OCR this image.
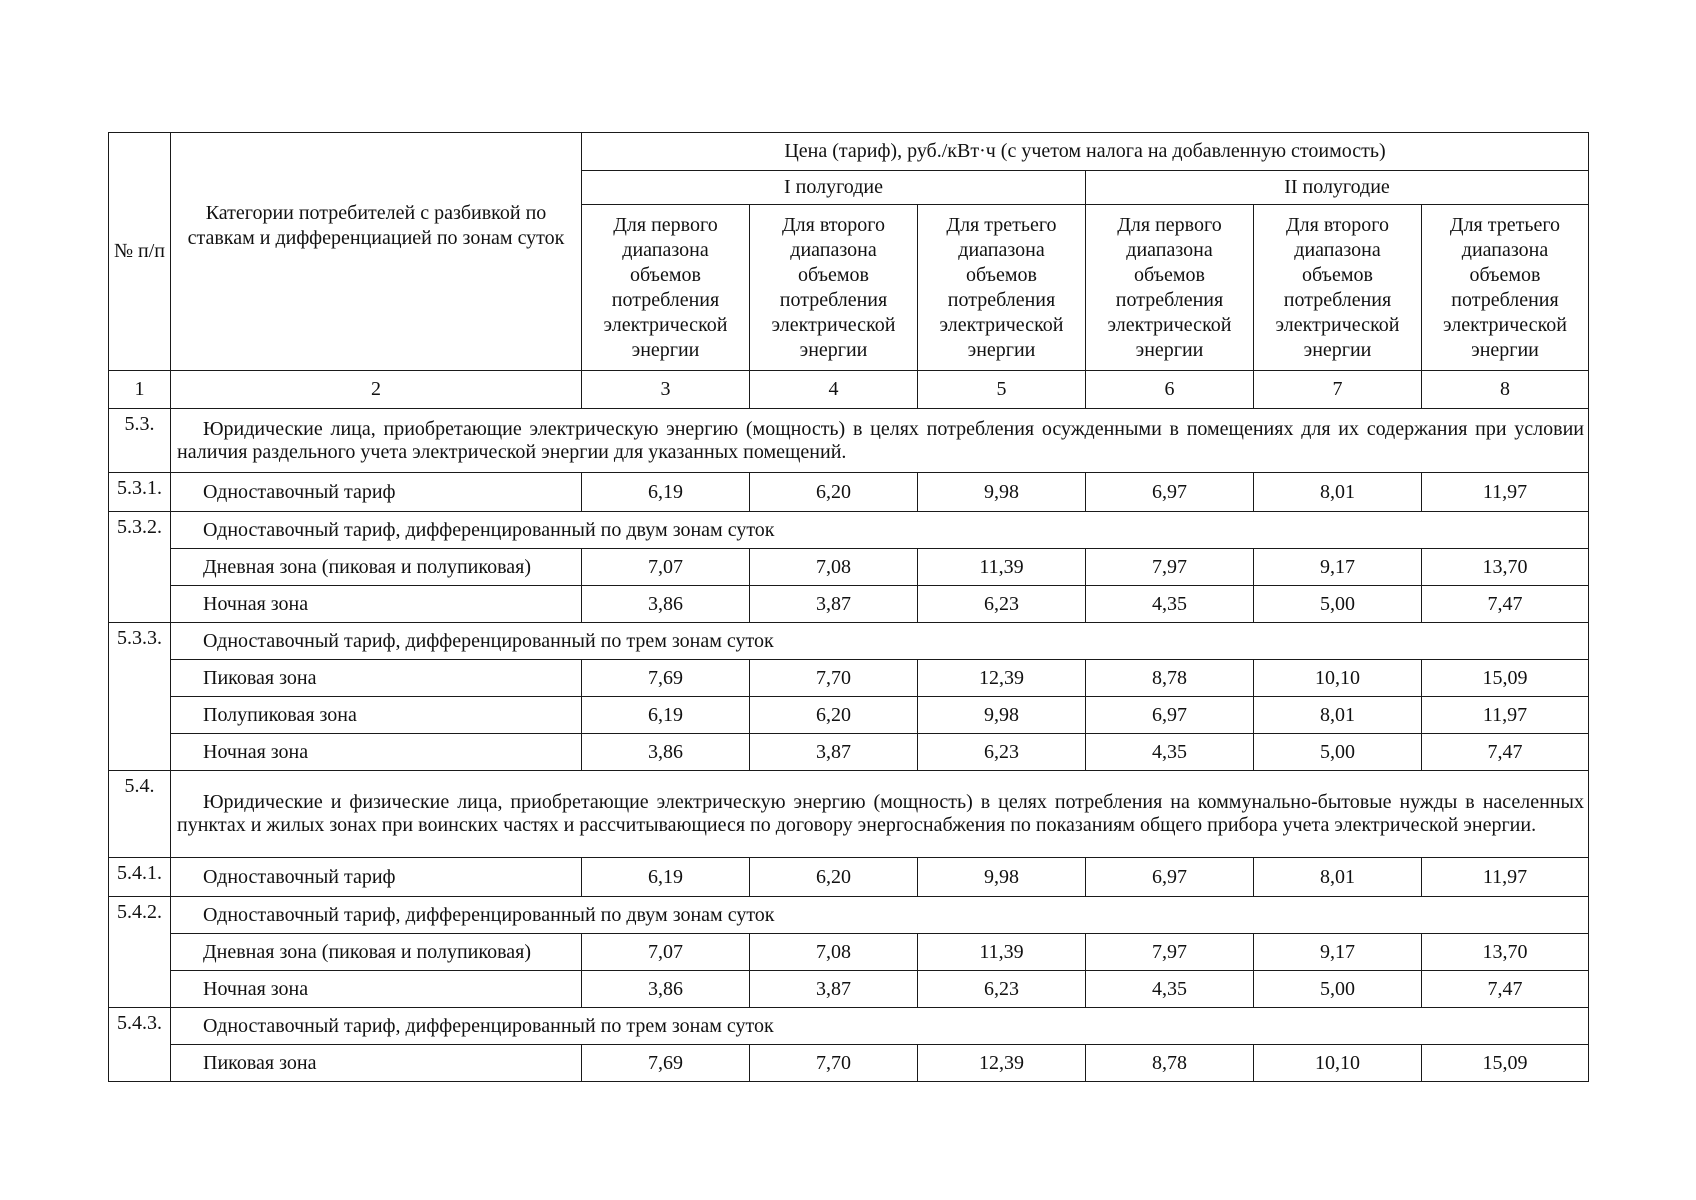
№ п/п	Категории потребителей с разбивкой по ставкам и дифференциацией по зонам суток	Цена (тариф), руб./кВт·ч (с учетом налога на добавленную стоимость)					
		I полугодие			II полугодие		
		Для первого диапазона объемов потребления электрической энергии	Для второго диапазона объемов потребления электрической энергии	Для третьего диапазона объемов потребления электрической энергии	Для первого диапазона объемов потребления электрической энергии	Для второго диапазона объемов потребления электрической энергии	Для третьего диапазона объемов потребления электрической энергии
1	2	3	4	5	6	7	8
5.3.	Юридические лица, приобретающие электрическую энергию (мощность) в целях потребления осужденными в помещениях для их содержания при условии наличия раздельного учета электрической энергии для указанных помещений.						
5.3.1.	Одноставочный тариф	6,19	6,20	9,98	6,97	8,01	11,97
5.3.2.	Одноставочный тариф, дифференцированный по двум зонам суток						
	Дневная зона (пиковая и полупиковая)	7,07	7,08	11,39	7,97	9,17	13,70
	Ночная зона	3,86	3,87	6,23	4,35	5,00	7,47
5.3.3.	Одноставочный тариф, дифференцированный по трем зонам суток						
	Пиковая зона	7,69	7,70	12,39	8,78	10,10	15,09
	Полупиковая зона	6,19	6,20	9,98	6,97	8,01	11,97
	Ночная зона	3,86	3,87	6,23	4,35	5,00	7,47
5.4.	Юридические и физические лица, приобретающие электрическую энергию (мощность) в целях потребления на коммунально-бытовые нужды в населенных пунктах и жилых зонах при воинских частях и рассчитывающиеся по договору энергоснабжения по показаниям общего прибора учета электрической энергии.						
5.4.1.	Одноставочный тариф	6,19	6,20	9,98	6,97	8,01	11,97
5.4.2.	Одноставочный тариф, дифференцированный по двум зонам суток						
	Дневная зона (пиковая и полупиковая)	7,07	7,08	11,39	7,97	9,17	13,70
	Ночная зона	3,86	3,87	6,23	4,35	5,00	7,47
5.4.3.	Одноставочный тариф, дифференцированный по трем зонам суток						
	Пиковая зона	7,69	7,70	12,39	8,78	10,10	15,09
